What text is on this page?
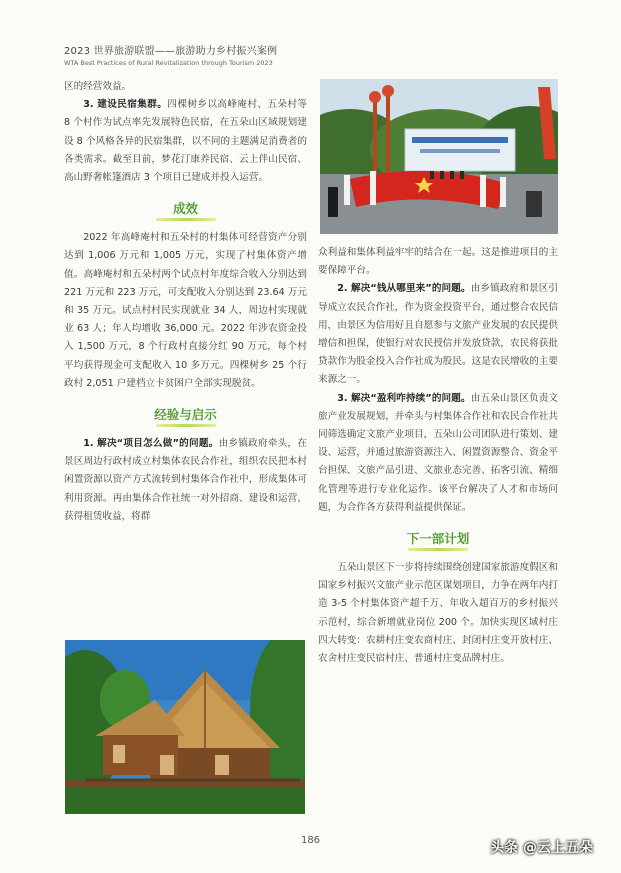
2023 世界旅游联盟——旅游助力乡村振兴案例
WTA Best Practices of Rural Revitalization through Tourism 2023

区的经营效益。

3. 建设民宿集群。四棵树乡以高峰庵村、五朵村等 8 个村作为试点率先发展特色民宿，在五朵山区域规划建设 8 个风格各异的民宿集群，以不同的主题满足消费者的各类需求。截至目前，梦花汀康养民宿、云上伴山民宿、高山野奢帐篷酒店 3 个项目已建成并投入运营。

成效

2022 年高峰庵村和五朵村的村集体可经营资产分别达到 1,006 万元和 1,005 万元，实现了村集体资产增值。高峰庵村和五朵村两个试点村年度综合收入分别达到 221 万元和 223 万元，可支配收入分别达到 23.64 万元和 35 万元。试点村村民实现就业 34 人，周边村实现就业 63 人；年人均增收 36,000 元。2022 年涉农资金投入 1,500 万元，8 个行政村直接分红 90 万元，每个村平均获得现金可支配收入 10 多万元。四棵树乡 25 个行政村 2,051 户建档立卡贫困户全部实现脱贫。

经验与启示

1. 解决“项目怎么做”的问题。由乡镇政府牵头，在景区周边行政村成立村集体农民合作社，组织农民把本村闲置资源以资产方式流转到村集体合作社中，形成集体可利用资源。再由集体合作社统一对外招商、建设和运营，获得租赁收益，将群

众利益和集体利益牢牢的结合在一起。这是推进项目的主要保障平台。

2. 解决“钱从哪里来”的问题。由乡镇政府和景区引导成立农民合作社，作为资金投资平台，通过整合农民信用，由景区为信用好且自愿参与文旅产业发展的农民提供增信和担保，使银行对农民授信并发放贷款，农民将获批贷款作为股金投入合作社成为股民。这是农民增收的主要来源之一。

3. 解决“盈利咋持续”的问题。由五朵山景区负责文旅产业发展规划，并牵头与村集体合作社和农民合作社共同筛选确定文旅产业项目，五朵山公司团队进行策划、建设、运营，并通过旅游资源注入、闲置资源整合、资金平台担保、文旅产品引进、文旅业态完善、拓客引流、精细化管理等进行专业化运作。该平台解决了人才和市场问题，为合作各方获得利益提供保证。

下一部计划

五朵山景区下一步将持续围绕创建国家旅游度假区和国家乡村振兴文旅产业示范区谋划项目，力争在两年内打造 3-5 个村集体资产超千万、年收入超百万的乡村振兴示范村，综合新增就业岗位 200 个。加快实现区域村庄四大转变：农耕村庄变农商村庄、封闭村庄变开放村庄、农舍村庄变民宿村庄、普通村庄变品牌村庄。

186	头条 @云上五朵
